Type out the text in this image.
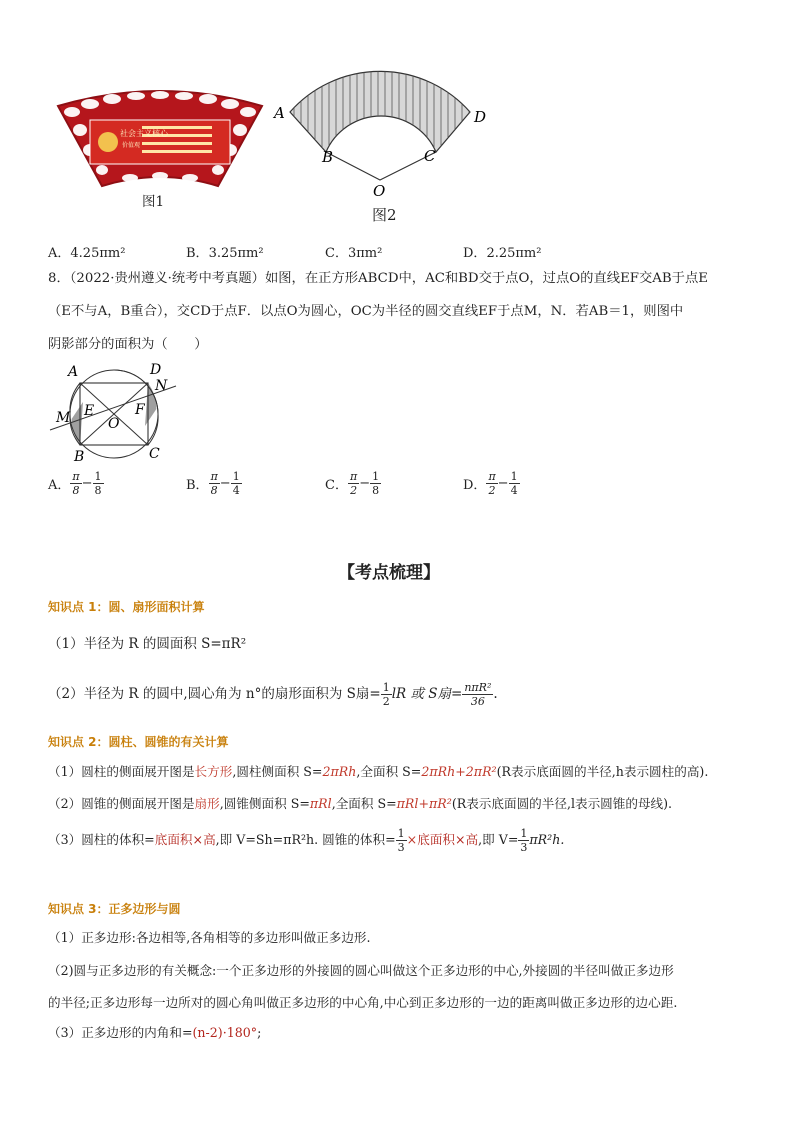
社会主义核心
价值观
图1
A	D
B	C
O
图2
A．4.25πm²	B．3.25πm²	C．3πm²	D．2.25πm²
8．（2022·贵州遵义·统考中考真题）如图，在正方形ABCD中，AC和BD交于点O，过点O的直线EF交AB于点E
（E不与A，B重合），交CD于点F．以点O为圆心，OC为半径的圆交直线EF于点M，N．若AB＝1，则图中
阴影部分的面积为（　　）
A	D
N
M E	F
O
B	C
A． $\frac{\pi}{8} - \frac{1}{8}$	B． $\frac{\pi}{8} - \frac{1}{4}$	C． $\frac{\pi}{2} - \frac{1}{8}$	D． $\frac{\pi}{2} - \frac{1}{4}$
【考点梳理】
知识点 1：圆、扇形面积计算
（1）半径为 R 的圆面积 S=πR²
（2）半径为 R 的圆中,圆心角为 n°的扇形面积为 S扇= $\frac{1}{2}$ lR 或 S扇= $\frac{\text{nπR²}}{36}$ .
知识点 2：圆柱、圆锥的有关计算
（1）圆柱的侧面展开图是长方形,圆柱侧面积 S=2πRh,全面积 S=2πRh+2πR²(R表示底面圆的半径,h表示圆柱的高).
（2）圆锥的侧面展开图是扇形,圆锥侧面积 S=πRl,全面积 S=πRl+πR²(R表示底面圆的半径,l表示圆锥的母线).
（3）圆柱的体积=底面积×高,即 V=Sh=πR²h. 圆锥的体积= $\frac{1}{3}$ ×底面积×高,即 $V= \frac{1}{3} \pi R^2h$.
知识点 3：正多边形与圆
（1）正多边形:各边相等,各角相等的多边形叫做正多边形.
（2)圆与正多边形的有关概念:一个正多边形的外接圆的圆心叫做这个正多边形的中心,外接圆的半径叫做正多边形
的半径;正多边形每一边所对的圆心角叫做正多边形的中心角,中心到正多边形的一边的距离叫做正多边形的边心距.
（3）正多边形的内角和=(n-2)·180°;
